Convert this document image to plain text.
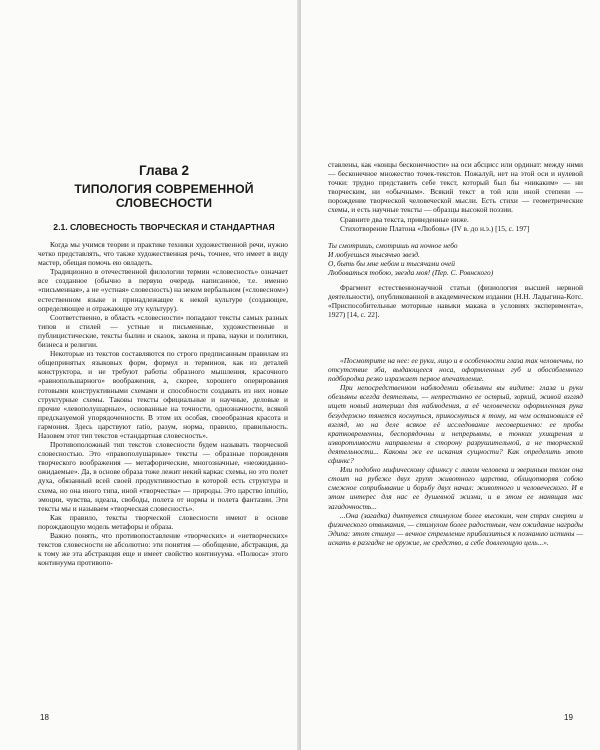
Глава 2
ТИПОЛОГИЯ СОВРЕМЕННОЙ СЛОВЕСНОСТИ
2.1. СЛОВЕСНОСТЬ ТВОРЧЕСКАЯ И СТАНДАРТНАЯ

Когда мы учимся теории и практике техники художественной речи, нужно четко представлять, что также художественная речь, точнее, что имеет в виду мастер, обещая помочь ею овладеть.

Традиционно в отечественной филологии термин «словесность» означает все созданное (обычно в первую очередь написанное, т.е. именно «письменная», а не «устная» словесность) на неком вербальном («словесном») естественном языке и принадлежащее к некой культуре (создающее, определяющее и отражающее эту культуру).

Соответственно, в область «словесности» попадают тексты самых разных типов и стилей — устные и письменные, художественные и публицистические, тексты былин и сказок, закона и права, науки и политики, бизнеса и религии.

Некоторые из текстов составляются по строго предписанным правилам из общепринятых языковых форм, формул и терминов, как из деталей конструктора, и не требуют работы образного мышления, красочного «равнопольшарного» воображения, а, скорее, хорошего оперирования готовыми конструктивными схемами и способности создавать из них новые структурные схемы. Таковы тексты официальные и научные, деловые и прочие «левополушарные», основанные на точности, однозначности, всякой предсказуемой упорядоченности. В этом их особая, своеобразная красота и гармония. Здесь царствуют ratio, разум, норма, правило, правильность. Назовем этот тип текстов «стандартная словесность».

Противоположный тип текстов словесности будем называть творческой словесностью. Это «правополушарные» тексты — образные порождения творческого воображения — метафорические, многозначные, «неожиданно-ожидаемые». Да, в основе образа тоже лежит некий каркас схемы, но это полет духа, обязанный всей своей продуктивностью в которой есть структура и схема, но она иного типа, иной «творчества» — природы. Это царство intuitio, эмоции, чувства, идеала, свободы, полета от нормы и полета фантазии. Эти тексты мы и называем «творческая словесность».

Как правило, тексты творческой словесности имеют в основе порождающую модель метафоры и образа.

Важно понять, что противопоставление «творческих» и «нетворческих» текстов словесности не абсолютно: эти понятия — обобщение, абстракция, да к тому же эта абстракция еще и имеет свойство континуума. «Полюса» этого континуума противопо-

18

ставлены, как «концы бесконечности» на оси абсцисс или ординат: между ними — бесконечное множество точек-текстов. Пожалуй, нет на этой оси и нулевой точки: трудно представить себе текст, который был бы «никаким» — ни творческим, ни «обычным». Всякий текст в той или иной степени — порождение творческой человеческой мысли. Есть стихи — геометрические схемы, и есть научные тексты — образцы высокой поэзии.

Сравните два текста, приведенные ниже.

Стихотворение Платона «Любовь» (IV в. до н.э.) [15, с. 197]

Ты смотришь, смотришь на ночное небо
И любуешься тысячью звезд.
О, быть бы мне небом и тысячами очей
Любоваться тобою, звезда моя! (Пер. С. Ровнского)

Фрагмент естественнонаучной статьи (физиология высшей нервной деятельности), опубликованной в академическом издании (Н.Н. Ладыгина-Котс. «Приспособительные моторные навыки макака в условиях эксперимента», 1927) [14, с. 22].

«Посмотрите на нее: ее руки, лицо и в особенности глаза так человечны, по отсутствие зба, выдающееся носа, оформленных губ и обособленного подбородка резко изражает первое впечатление.

При непосредственном наблюдении обезьяны вы видите: глаза и руки обезьяны всегда деятельны, — непрестанно ее острый, зоркий, живой взгляд ищет новый материал для наблюдения, а её человечески оформленная рука безудержно тянется коснуться, прикоснуться к тому, на чем остановился её взгляд, но на деле всякое её исследование несовершенно: ее пробы кратковременны, беспорядочны и непрерывны, в тонких ухищрения и изворотливости направлены в сторону разрушительной, а не творческой деятельности... Каковы же ее искания сущности? Как определить этот сфинкс?

Или подобно мифическому сфинксу с ликом человека и звериным телом она стоит на рубеже двух групп животного царства, облицотворяя собою смежное соприбывание и борьбу двух начал: животного и человеческого. И в этом интерес для нас ее душевной жизни, и в этом ее манящая нас загадочность...

...Она (загадка) диктуется стимулом более высоким, чем страх смерти и физического отвыкания, — стимулом более радостным, чем ожидание награды Эдипа: этот стимул — вечное стремление приблизиться к познанию истины — искать в разгадке не оружие, не средство, а себе довлеющую цель...».

19
